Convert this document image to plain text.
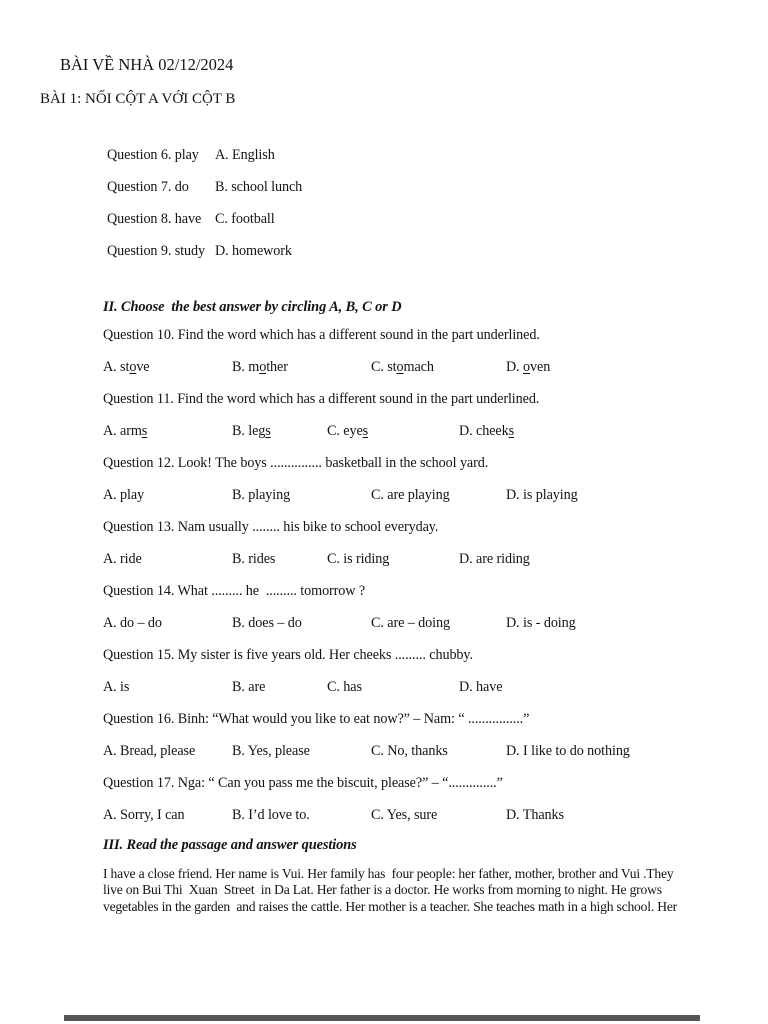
BÀI VỀ NHÀ 02/12/2024
BÀI 1: NỐI CỘT A VỚI CỘT B
Question 6. play	A. English
Question 7. do	B. school lunch
Question 8. have C. football
Question 9. study D. homework
II. Choose  the best answer by circling A, B, C or D
Question 10. Find the word which has a different sound in the part underlined.
A. stove	B. mother	C. stomach	D. oven
Question 11. Find the word which has a different sound in the part underlined.
A. arms	B. legs	C. eyes	D. cheeks
Question 12. Look! The boys ............... basketball in the school yard.
A. play	B. playing	C. are playing	D. is playing
Question 13. Nam usually ........ his bike to school everyday.
A. ride	B. rides	C. is riding	D. are riding
Question 14. What ......... he  ......... tomorrow ?
A. do – do	B. does – do	C. are – doing	D. is - doing
Question 15. My sister is five years old. Her cheeks ......... chubby.
A. is	B. are	C. has	D. have
Question 16. Binh: “What would you like to eat now?” – Nam: “ ................”
A. Bread, please	B. Yes, please	C. No, thanks	D. I like to do nothing
Question 17. Nga: “ Can you pass me the biscuit, please?” – “..............”
A. Sorry, I can	B. I’d love to.	C. Yes, sure	D. Thanks
III. Read the passage and answer questions
I have a close friend. Her name is Vui. Her family has  four people: her father, mother, brother and Vui .They
live on Bui Thi  Xuan  Street  in Da Lat. Her father is a doctor. He works from morning to night. He grows
vegetables in the garden  and raises the cattle. Her mother is a teacher. She teaches math in a high school. Her
